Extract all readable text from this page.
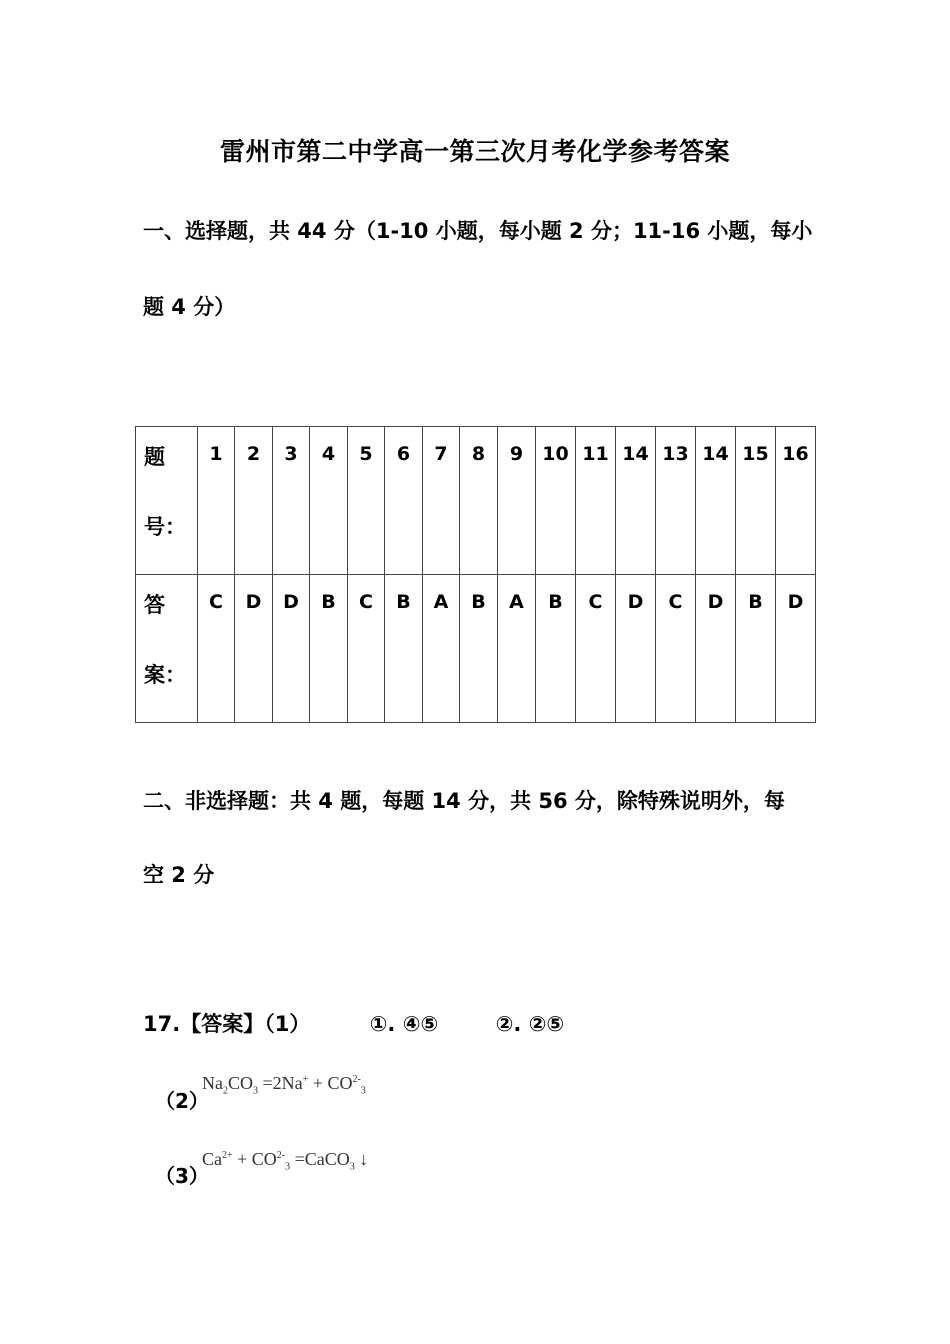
雷州市第二中学高一第三次月考化学参考答案
一、选择题，共 44 分（1-10 小题，每小题 2 分；11-16 小题，每小
题 4 分）
题
号：	1	2	3	4	5	6	7	8	9	10	11	14	13	14	15	16

答
案：	C	D	D	B	C	B	A	B	A	B	C	D	C	D	B	D
二、非选择题：共 4 题，每题 14 分，共 56 分，除特殊说明外，每
空 2 分
17.【答案】（1）	①. ④⑤	②. ②⑤
（2）
$Na_2CO_3 =2Na^+ + CO^{2-}_3$
（3）
$Ca^{2+} + CO^{2-}_3$ =CaCO$_3$ ↓
